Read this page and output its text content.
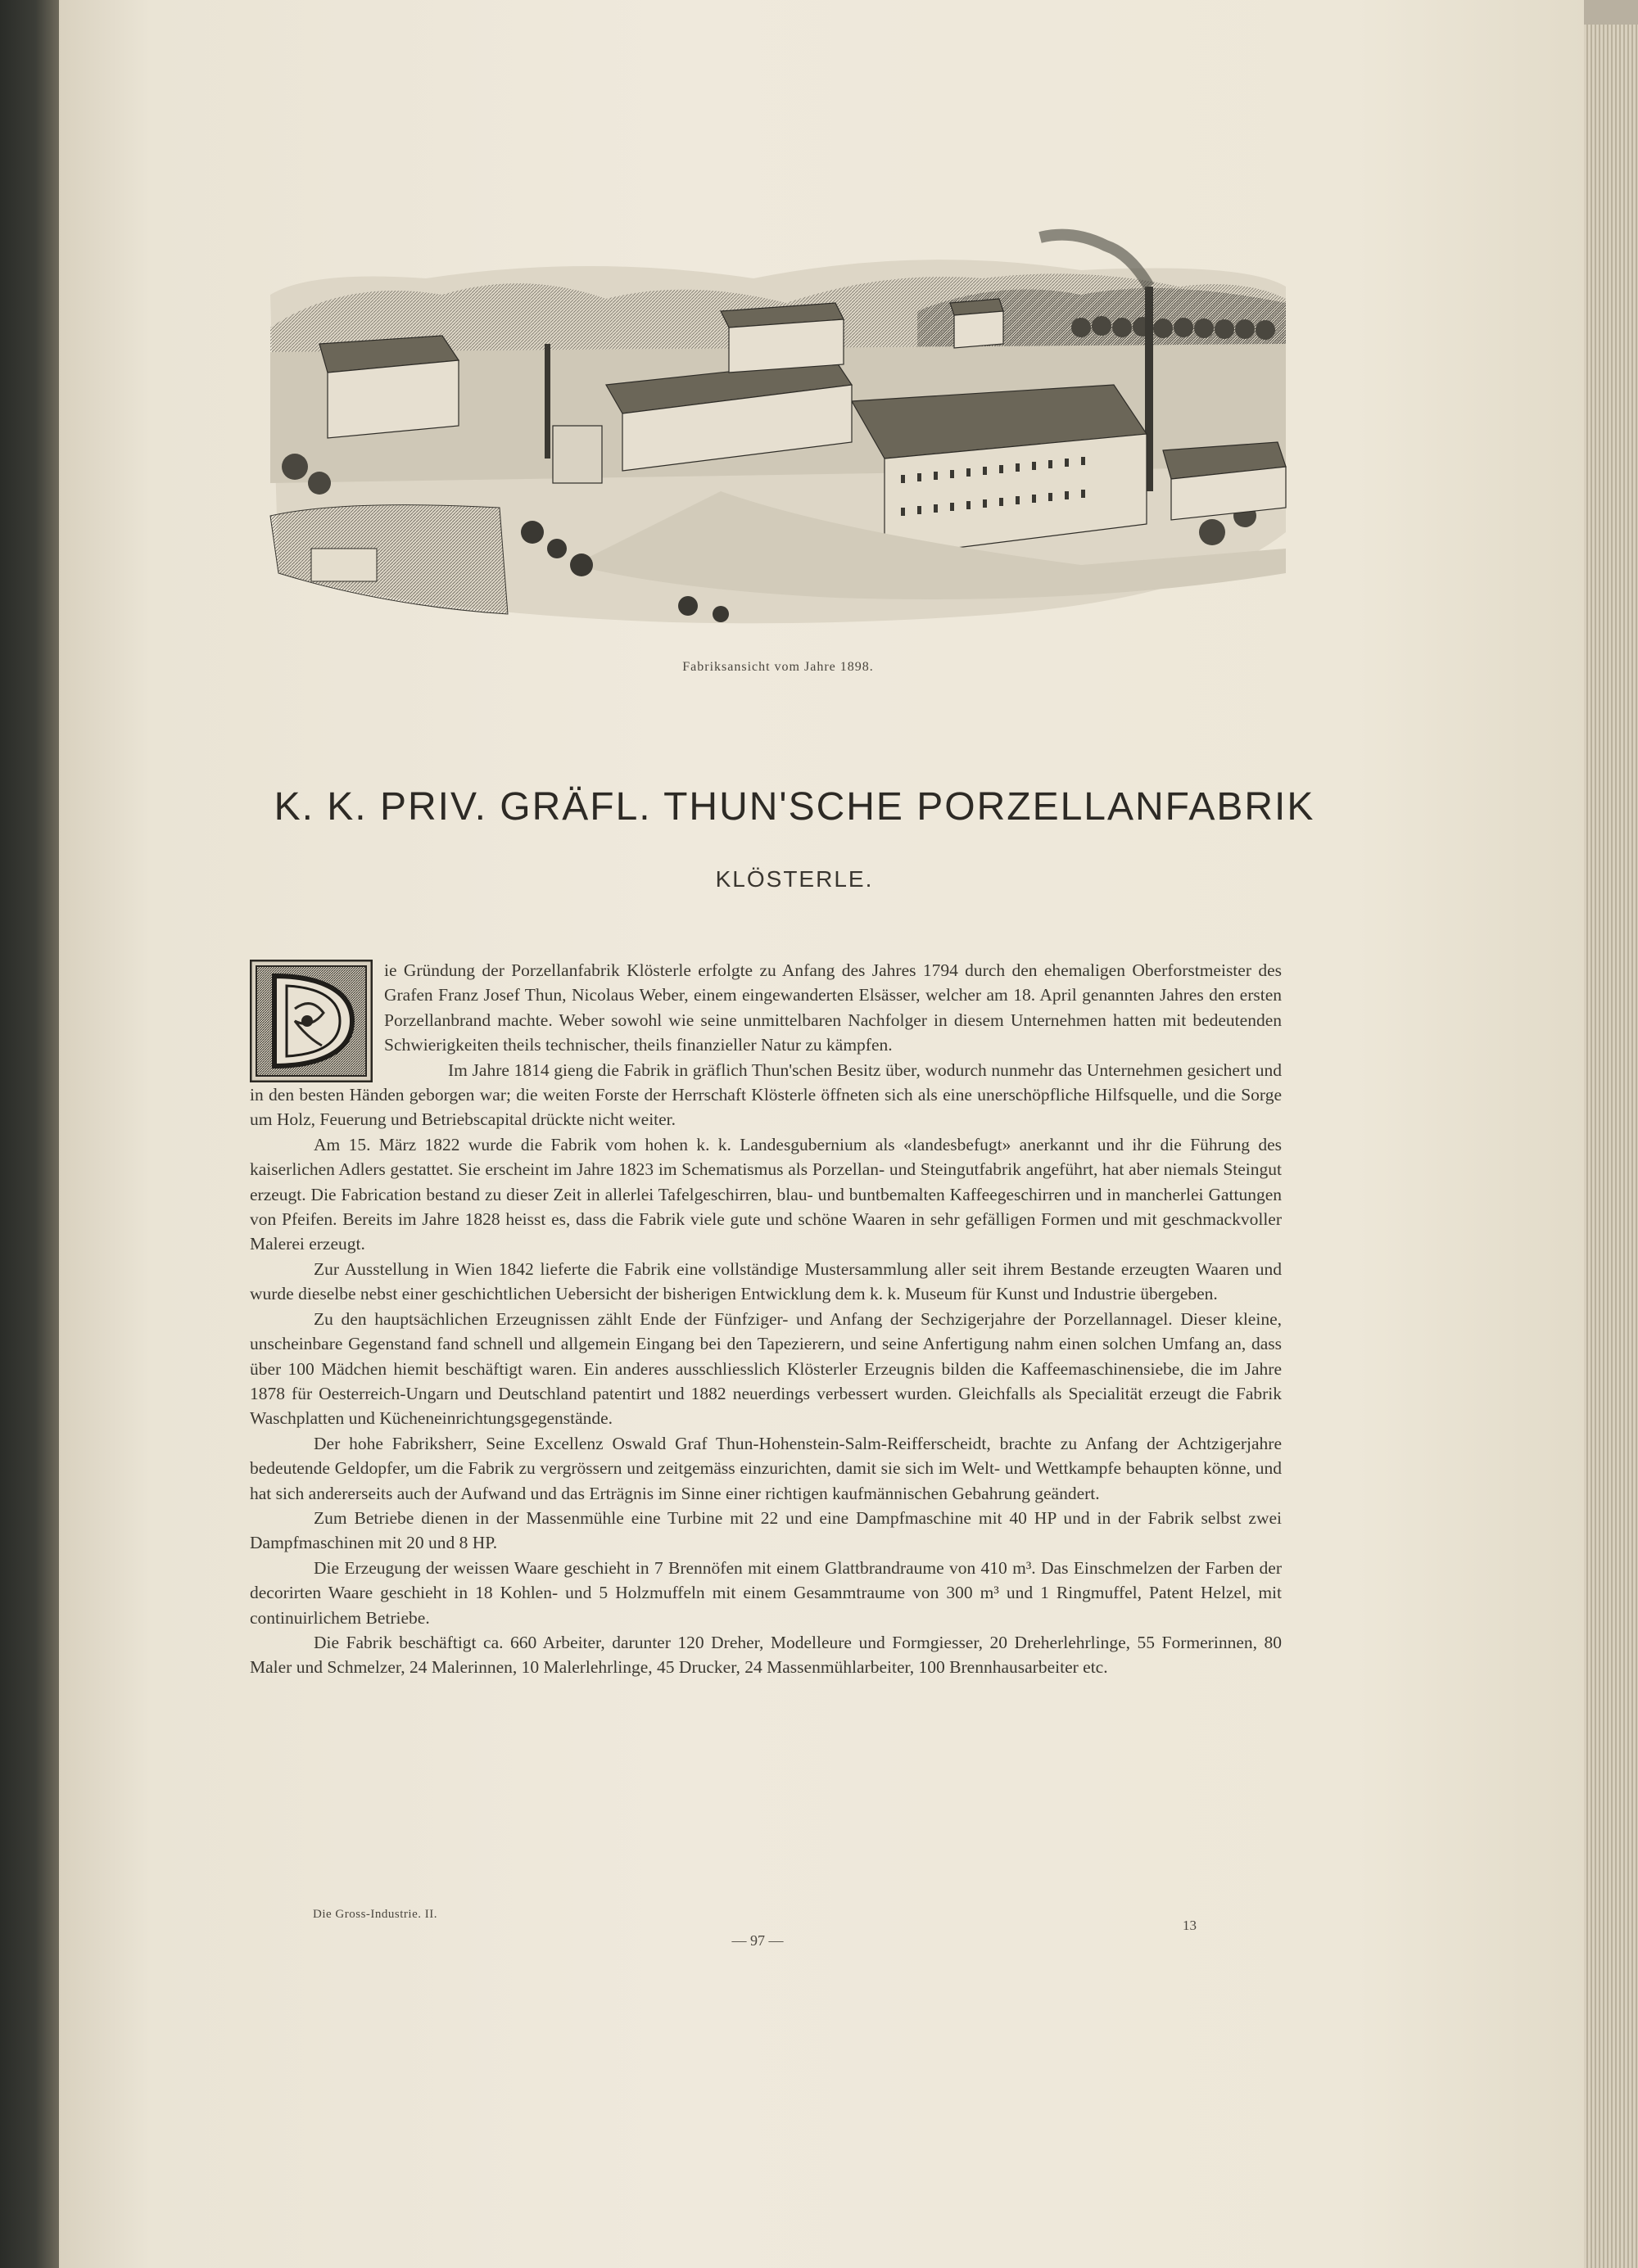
Fabriksansicht vom Jahre 1898.
K. K. PRIV. GRÄFL. THUN'SCHE PORZELLANFABRIK
KLÖSTERLE.

ie Gründung der Porzellanfabrik Klösterle erfolgte zu Anfang des Jahres 1794 durch den ehemaligen Oberforstmeister des Grafen Franz Josef Thun, Nicolaus Weber, einem eingewanderten Elsässer, welcher am 18. April genannten Jahres den ersten Porzellanbrand machte. Weber sowohl wie seine unmittelbaren Nachfolger in diesem Unternehmen hatten mit bedeutenden Schwierigkeiten theils technischer, theils finanzieller Natur zu kämpfen.

Im Jahre 1814 gieng die Fabrik in gräflich Thun'schen Besitz über, wodurch nunmehr das Unternehmen gesichert und in den besten Händen geborgen war; die weiten Forste der Herrschaft Klösterle öffneten sich als eine unerschöpfliche Hilfsquelle, und die Sorge um Holz, Feuerung und Betriebscapital drückte nicht weiter.

Am 15. März 1822 wurde die Fabrik vom hohen k. k. Landesgubernium als «landesbefugt» anerkannt und ihr die Führung des kaiserlichen Adlers gestattet. Sie erscheint im Jahre 1823 im Schematismus als Porzellan- und Steingutfabrik angeführt, hat aber niemals Steingut erzeugt. Die Fabrication bestand zu dieser Zeit in allerlei Tafelgeschirren, blau- und buntbemalten Kaffeegeschirren und in mancherlei Gattungen von Pfeifen. Bereits im Jahre 1828 heisst es, dass die Fabrik viele gute und schöne Waaren in sehr gefälligen Formen und mit geschmackvoller Malerei erzeugt.

Zur Ausstellung in Wien 1842 lieferte die Fabrik eine vollständige Mustersammlung aller seit ihrem Bestande erzeugten Waaren und wurde dieselbe nebst einer geschichtlichen Uebersicht der bisherigen Entwicklung dem k. k. Museum für Kunst und Industrie übergeben.

Zu den hauptsächlichen Erzeugnissen zählt Ende der Fünfziger- und Anfang der Sechzigerjahre der Porzellannagel. Dieser kleine, unscheinbare Gegenstand fand schnell und allgemein Eingang bei den Tapezierern, und seine Anfertigung nahm einen solchen Umfang an, dass über 100 Mädchen hiemit beschäftigt waren. Ein anderes ausschliesslich Klösterler Erzeugnis bilden die Kaffeemaschinensiebe, die im Jahre 1878 für Oesterreich-Ungarn und Deutschland patentirt und 1882 neuerdings verbessert wurden. Gleichfalls als Specialität erzeugt die Fabrik Waschplatten und Kücheneinrichtungsgegenstände.

Der hohe Fabriksherr, Seine Excellenz Oswald Graf Thun-Hohenstein-Salm-Reifferscheidt, brachte zu Anfang der Achtzigerjahre bedeutende Geldopfer, um die Fabrik zu vergrössern und zeitgemäss einzurichten, damit sie sich im Welt- und Wettkampfe behaupten könne, und hat sich andererseits auch der Aufwand und das Erträgnis im Sinne einer richtigen kaufmännischen Gebahrung geändert.

Zum Betriebe dienen in der Massenmühle eine Turbine mit 22 und eine Dampfmaschine mit 40 HP und in der Fabrik selbst zwei Dampfmaschinen mit 20 und 8 HP.

Die Erzeugung der weissen Waare geschieht in 7 Brennöfen mit einem Glattbrandraume von 410 m³. Das Einschmelzen der Farben der decorirten Waare geschieht in 18 Kohlen- und 5 Holzmuffeln mit einem Gesammtraume von 300 m³ und 1 Ringmuffel, Patent Helzel, mit continuirlichem Betriebe.

Die Fabrik beschäftigt ca. 660 Arbeiter, darunter 120 Dreher, Modelleure und Formgiesser, 20 Dreherlehrlinge, 55 Formerinnen, 80 Maler und Schmelzer, 24 Malerinnen, 10 Malerlehrlinge, 45 Drucker, 24 Massenmühlarbeiter, 100 Brennhausarbeiter etc.

Die Gross-Industrie. II.
— 97 —
13
